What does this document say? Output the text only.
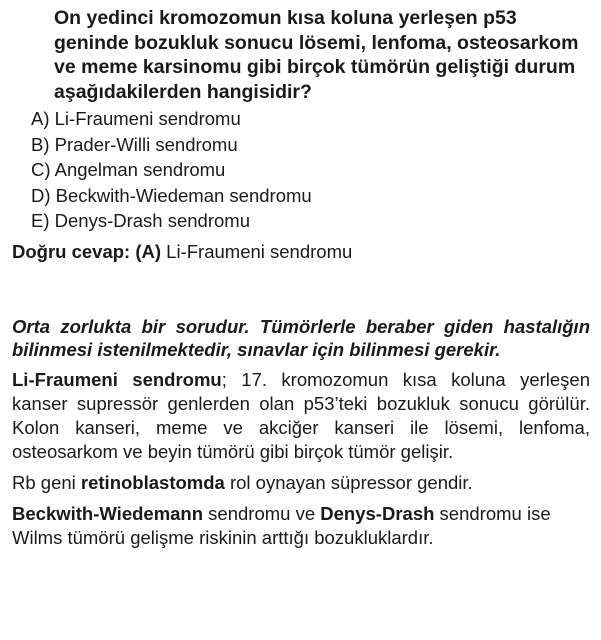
On yedinci kromozomun kısa koluna yerleşen p53 geninde bozukluk sonucu lösemi, lenfoma, osteosarkom ve meme karsinomu gibi birçok tümörün geliştiği durum aşağıdakilerden hangisidir?

A) Li-Fraumeni sendromu
B) Prader-Willi sendromu
C) Angelman sendromu
D) Beckwith-Wiedeman sendromu
E) Denys-Drash sendromu

Doğru cevap: (A) Li-Fraumeni sendromu

Orta zorlukta bir sorudur. Tümörlerle beraber giden hastalığın bilinmesi istenilmektedir, sınavlar için bilinmesi gerekir.

Li-Fraumeni sendromu; 17. kromozomun kısa koluna yerleşen kanser supressör genlerden olan p53’teki bozukluk sonucu görülür. Kolon kanseri, meme ve akciğer kanseri ile lösemi, lenfoma, osteosarkom ve beyin tümörü gibi birçok tümör gelişir.

Rb geni retinoblastomda rol oynayan süpressor gendir.

Beckwith-Wiedemann sendromu ve Denys-Drash sendromu ise Wilms tümörü gelişme riskinin arttığı bozukluklardır.
